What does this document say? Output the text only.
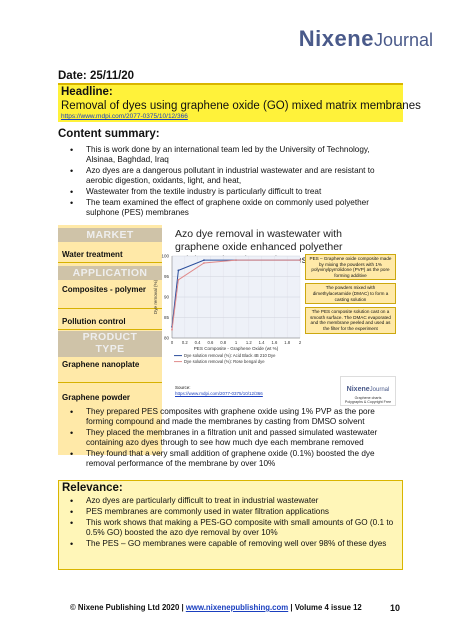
NixeneJournal
Date: 25/11/20
Headline:
Removal of dyes using graphene oxide (GO) mixed matrix membranes
https://www.mdpi.com/2077-0375/10/12/366
Content summary:
• This is work done by an international team led by the University of Technology, Alsinaa, Baghdad, Iraq
• Azo dyes are a dangerous pollutant in industrial wastewater and are resistant to aerobic digestion, oxidants, light, and heat,
• Wastewater from the textile industry is particularly difficult to treat
• The team examined the effect of graphene oxide on commonly used polyether sulphone (PES) membranes
MARKET
Water treatment
APPLICATION
Composites - polymer
Pollution control
PRODUCT
TYPE
Graphene nanoplate
Graphene powder
Azo dye removal in wastewater with graphene oxide enhanced polyether
80
85
90
95
100
0 0.2 0.4 0.6 0.8 1 1.2 1.4 1.6 1.8 2
PES Composite - Graphene Oxide (wt %)
Dye removal (%)
Dye solution removal (%): Acid Black 4B 210 Dye
Dye solution removal (%): Rose bengal dye
PES – Graphene oxide composite made by mixing the powders with 1% polyvinylpyrrolidone (PVP) as the pore forming additive
The powders mixed with dimethylacetamide (DMAC) to form a casting solution
The PES composite solution cast on a smooth surface. The DMAC evaporated and the membrane peeled and used as the filter for the experiment
Source:
https://www.mdpi.com/2077-0375/10/12/366
NixeneJournal
Graphene charts
Polygraphs & Copyright Free
• They prepared PES composites with graphene oxide using 1% PVP as the pore forming compound and made the membranes by casting from DMSO solvent
• They placed the membranes in a filtration unit and passed simulated wastewater containing azo dyes through to see how much dye each membrane removed
• They found that a very small addition of graphene oxide (0.1%) boosted the dye removal performance of the membrane by over 10%
Relevance:
• Azo dyes are particularly difficult to treat in industrial wastewater
• PES membranes are commonly used in water filtration applications
• This work shows that making a PES-GO composite with small amounts of GO (0.1 to 0.5% GO) boosted the azo dye removal by over 10%
• The PES – GO membranes were capable of removing well over 98% of these dyes
© Nixene Publishing Ltd 2020 | www.nixenepublishing.com | Volume 4 issue 12	10
